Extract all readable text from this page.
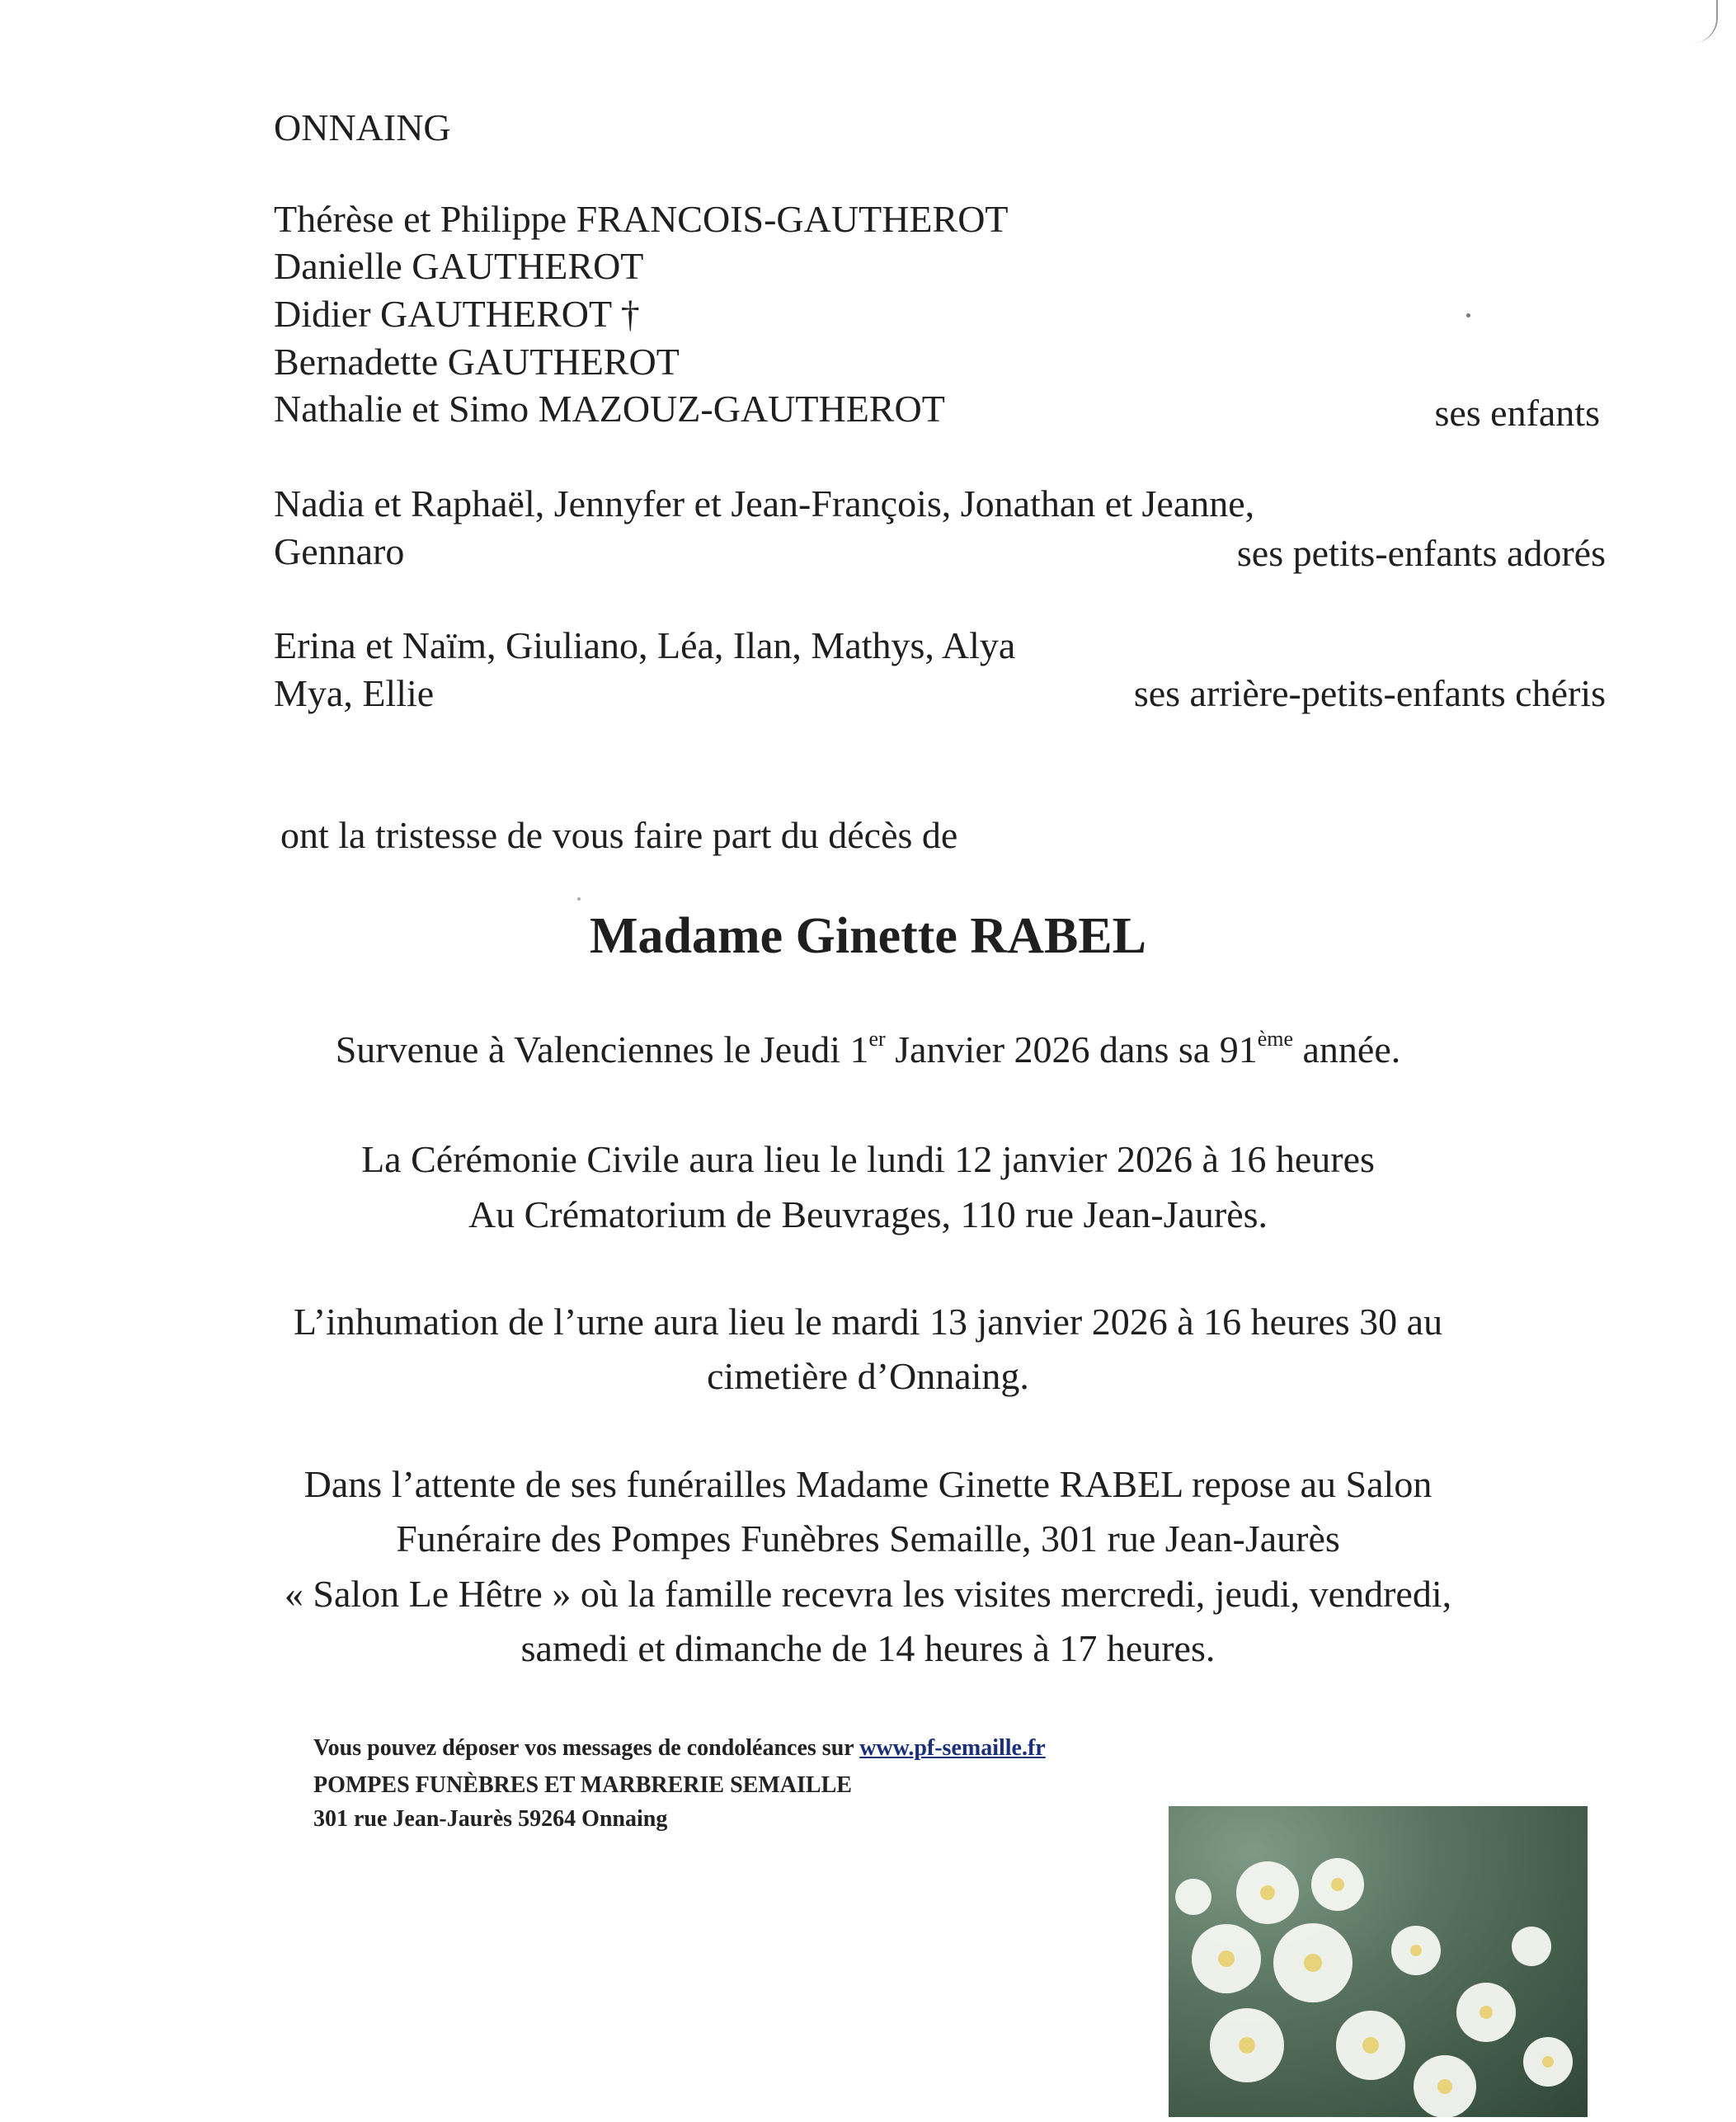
ONNAING
Thérèse et Philippe FRANCOIS-GAUTHEROT
Danielle GAUTHEROT
Didier GAUTHEROT †
Bernadette GAUTHEROT
Nathalie et Simo MAZOUZ-GAUTHEROT	ses enfants
Nadia et Raphaël, Jennyfer et Jean-François, Jonathan et Jeanne,
Gennaro	ses petits-enfants adorés
Erina et Naïm, Giuliano, Léa, Ilan, Mathys, Alya
Mya, Ellie	ses arrière-petits-enfants chéris
ont la tristesse de vous faire part du décès de
Madame Ginette RABEL
Survenue à Valenciennes le Jeudi 1er Janvier 2026 dans sa 91ème année.
La Cérémonie Civile aura lieu le lundi 12 janvier 2026 à 16 heures
Au Crématorium de Beuvrages, 110 rue Jean-Jaurès.
L’inhumation de l’urne aura lieu le mardi 13 janvier 2026 à 16 heures 30 au
cimetière d’Onnaing.
Dans l’attente de ses funérailles Madame Ginette RABEL repose au Salon
Funéraire des Pompes Funèbres Semaille, 301 rue Jean-Jaurès
« Salon Le Hêtre » où la famille recevra les visites mercredi, jeudi, vendredi,
samedi et dimanche de 14 heures à 17 heures.
Vous pouvez déposer vos messages de condoléances sur www.pf-semaille.fr
POMPES FUNÈBRES ET MARBRERIE SEMAILLE
301 rue Jean-Jaurès 59264 Onnaing
